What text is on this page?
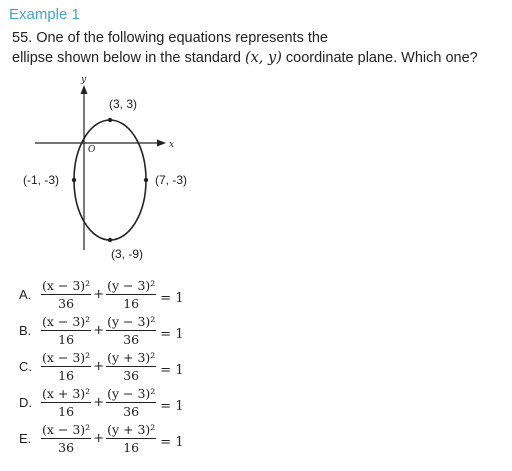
Example 1
55. One of the following equations represents the
ellipse shown below in the standard (x, y) coordinate plane. Which one?
x
y
O
(3, 3)
(-1, -3)	(7, -3)
(3, -9)
A. $\frac{\text{(x − 3)²}}{36} + \frac{\text{(y − 3)²}}{16} = 1$
B. $\frac{\text{(x − 3)²}}{16} + \frac{\text{(y − 3)²}}{36} = 1$
C. $\frac{\text{(x − 3)²}}{16} + \frac{\text{(y + 3)²}}{36} = 1$
D. $\frac{\text{(x + 3)²}}{16} + \frac{\text{(y − 3)²}}{36} = 1$
E. $\frac{\text{(x − 3)²}}{36} + \frac{\text{(y + 3)²}}{16} = 1$
